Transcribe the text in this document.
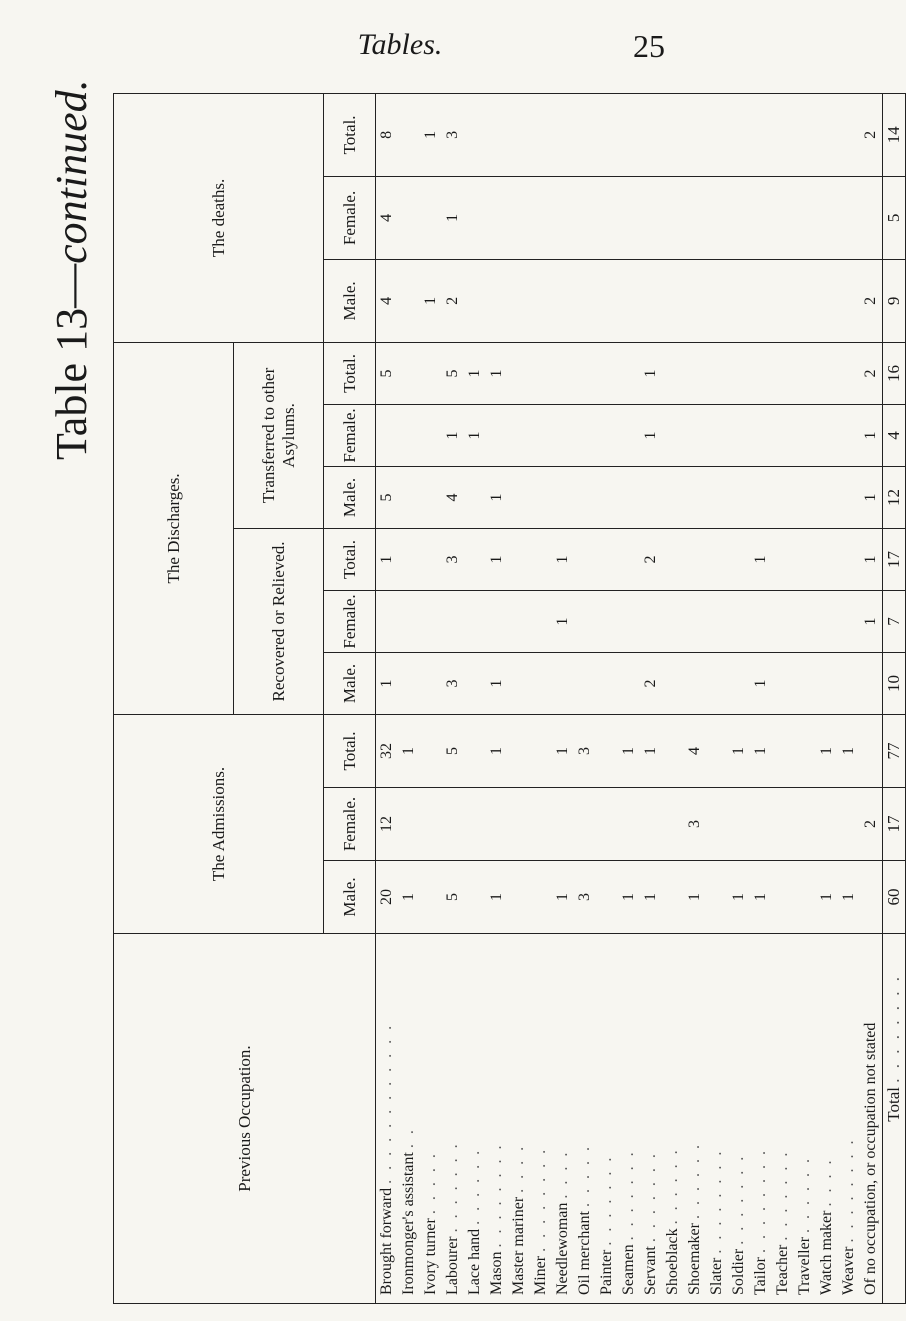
Tables.	25
Table 13—continued.
Previous Occupation.	The Admissions.			The Discharges.						The deaths.		
				Recovered or Relieved.			Transferred to other Asylums.					
	Male.	Female.	Total.	Male.	Female.	Total.	Male.	Female.	Total.	Male.	Female.	Total.
Brought forward . . . . . . . . . . . .	20	12	32	1		1	5		5	4	4	8
Ironmonger's assistant . .	1		1									
Ivory turner . . . . .										1		1
Labourer . . . . . . .	5		5	3		3	4	1	5	2	1	3
Lace hand . . . . . .								1	1			
Mason . . . . . . . .	1		1	1		1	1		1			
Master mariner . . . .												
Miner . . . . . . . .												
Needlewoman . . . .	1		1		1	1						
Oil merchant . . . . .	3		3									
Painter . . . . . . .												
Seamen . . . . . . .	1		1									
Servant . . . . . . .	1		1	2		2		1	1			
Shoeblack . . . . . .												
Shoemaker . . . . . .	1	3	4									
Slater . . . . . . . .												
Soldier . . . . . . .	1		1									
Tailor . . . . . . . .	1		1	1		1						
Teacher . . . . . . .												
Traveller . . . . . .												
Watch maker . . . .	1		1									
Weaver . . . . . . . .	1		1									
Of no occupation, or occupation not stated		2			1	1	1	1	2	2		2
Total . . . . . . . .	60	17	77	10	7	17	12	4	16	9	5	14
